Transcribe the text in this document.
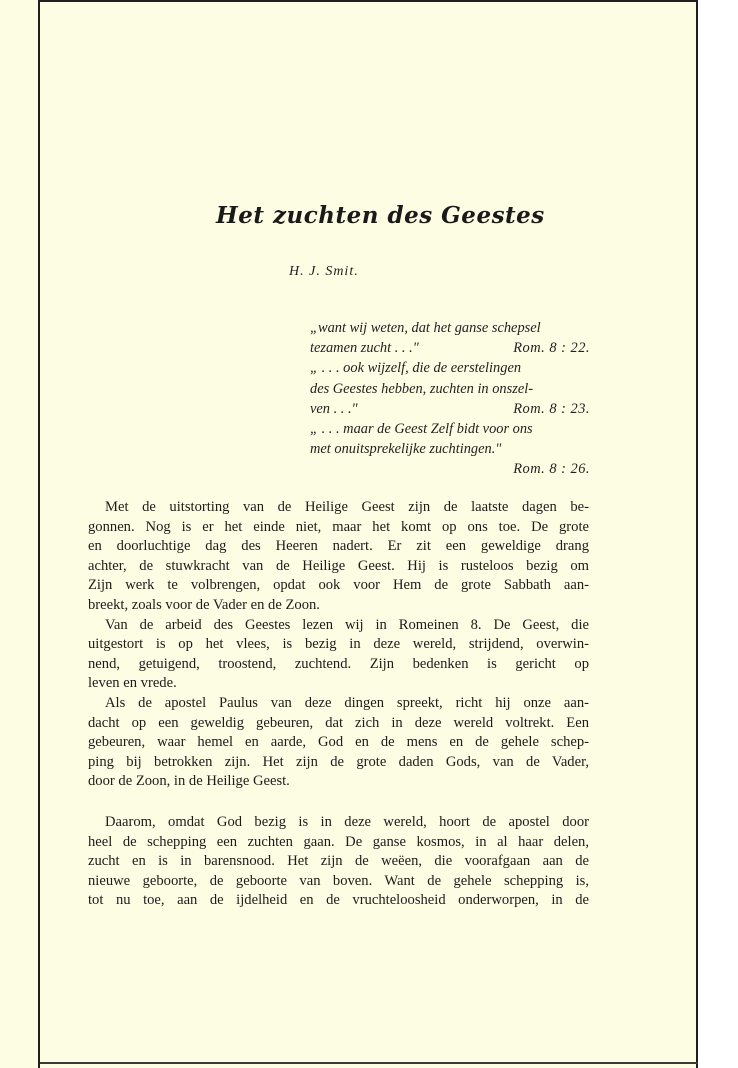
Het zuchten des Geestes
H. J. Smit.
„want wij weten, dat het ganse schepsel
tezamen zucht . . ."	Rom. 8 : 22.
„ . . . ook wijzelf, die de eerstelingen
des Geestes hebben, zuchten in onszel-
ven . . ."	Rom. 8 : 23.
„ . . . maar de Geest Zelf bidt voor ons
met onuitsprekelijke zuchtingen."
Rom. 8 : 26.
Met de uitstorting van de Heilige Geest zijn de laatste dagen be-
gonnen. Nog is er het einde niet, maar het komt op ons toe. De grote
en doorluchtige dag des Heeren nadert. Er zit een geweldige drang
achter, de stuwkracht van de Heilige Geest. Hij is rusteloos bezig om
Zijn werk te volbrengen, opdat ook voor Hem de grote Sabbath aan-
breekt, zoals voor de Vader en de Zoon.
Van de arbeid des Geestes lezen wij in Romeinen 8. De Geest, die
uitgestort is op het vlees, is bezig in deze wereld, strijdend, overwin-
nend, getuigend, troostend, zuchtend. Zijn bedenken is gericht op
leven en vrede.
Als de apostel Paulus van deze dingen spreekt, richt hij onze aan-
dacht op een geweldig gebeuren, dat zich in deze wereld voltrekt. Een
gebeuren, waar hemel en aarde, God en de mens en de gehele schep-
ping bij betrokken zijn. Het zijn de grote daden Gods, van de Vader,
door de Zoon, in de Heilige Geest.
Daarom, omdat God bezig is in deze wereld, hoort de apostel door
heel de schepping een zuchten gaan. De ganse kosmos, in al haar delen,
zucht en is in barensnood. Het zijn de weëen, die voorafgaan aan de
nieuwe geboorte, de geboorte van boven. Want de gehele schepping is,
tot nu toe, aan de ijdelheid en de vruchteloosheid onderworpen, in de
